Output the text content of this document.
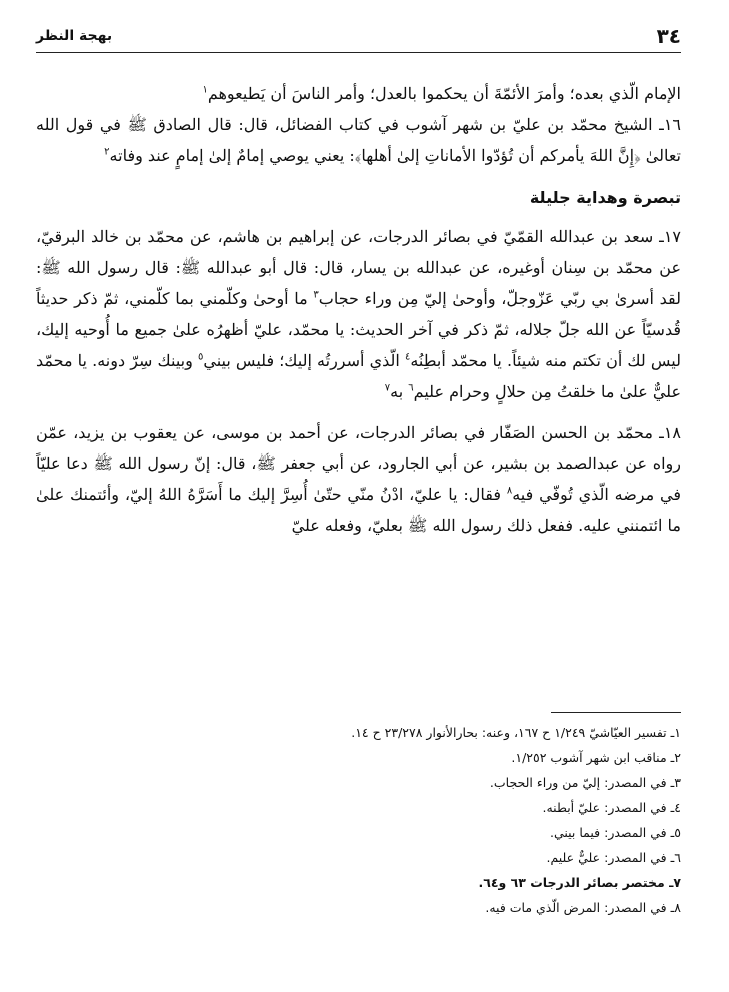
٣٤
بهجة النظر

الإمام الّذي بعده؛ وأمرَ الأئمّةَ أن يحكموا بالعدل؛ وأمر الناسَ أن يَطيعوهم$^١$

١٦ـ الشيخ محمّد بن عليّ بن شهر آشوب في كتاب الفضائل، قال: قال الصادق ﷺ في قول الله تعالىٰ ﴿إِنَّ اللهَ يأمركم أن تُؤدّوا الأماناتِ إلىٰ أهلها﴾: يعني يوصي إمامٌ إلىٰ إمامٍ عند وفاته$^٢$

تبصرة وهداية جليلة

١٧ـ سعد بن عبدالله القمّيّ في بصائر الدرجات، عن إبراهيم بن هاشم، عن محمّد بن خالد البرقيّ، عن محمّد بن سِنان أوغيره، عن عبدالله بن يسار، قال: قال أبو عبدالله ﷺ: قال رسول الله ﷺ: لقد أسرىٰ بي ربّي عَزّوجلّ، وأوحىٰ إليّ مِن وراء حجاب$^٣$ ما أوحىٰ وكلّمني بما كلّمني، ثمّ ذكر حديثاً قُدسيّاً عن الله جلّ جلاله، ثمّ ذكر في آخر الحديث: يا محمّد، عليّ أظهرُه علىٰ جميع ما أُوحيه إليك، ليس لك أن تكتم منه شيئاً. يا محمّد أبطِنُه$^٤$ الّذي أسررتُه إليك؛ فليس بيني$^٥$ وبينك سِرّ دونه. يا محمّد عليٌّ علىٰ ما خلقتُ مِن حلالٍ وحرام عليم$^٦$ به$^٧$

١٨ـ محمّد بن الحسن الصَفّار في بصائر الدرجات، عن أحمد بن موسى، عن يعقوب بن يزيد، عمّن رواه عن عبدالصمد بن بشير، عن أبي الجارود، عن أبي جعفر ﷺ، قال: إنّ رسول الله ﷺ دعا عليّاً في مرضه الّذي تُوفّي فيه$^٨$ فقال: يا عليّ، ادْنُ منّي حتّىٰ أُسِرَّ إليك ما أَسَرَّهُ اللهُ إليّ، وأئتمنك علىٰ ما ائتمنني عليه. ففعل ذلك رسول الله ﷺ بعليّ، وفعله عليّ

١ـ تفسير العيّاشيّ ١/٢٤٩ ح ١٦٧، وعنه: بحارالأنوار ٢٣/٢٧٨ ح ١٤.
٢ـ مناقب ابن شهر آشوب ١/٢٥٢.
٣ـ في المصدر: إليّ من وراء الحجاب.
٤ـ في المصدر: عليّ أبطنه.
٥ـ في المصدر: فيما بيني.
٦ـ في المصدر: عليٌّ عليم.
٧ـ مختصر بصائر الدرجات ٦٣ و٦٤.
٨ـ في المصدر: المرض الّذي مات فيه.
